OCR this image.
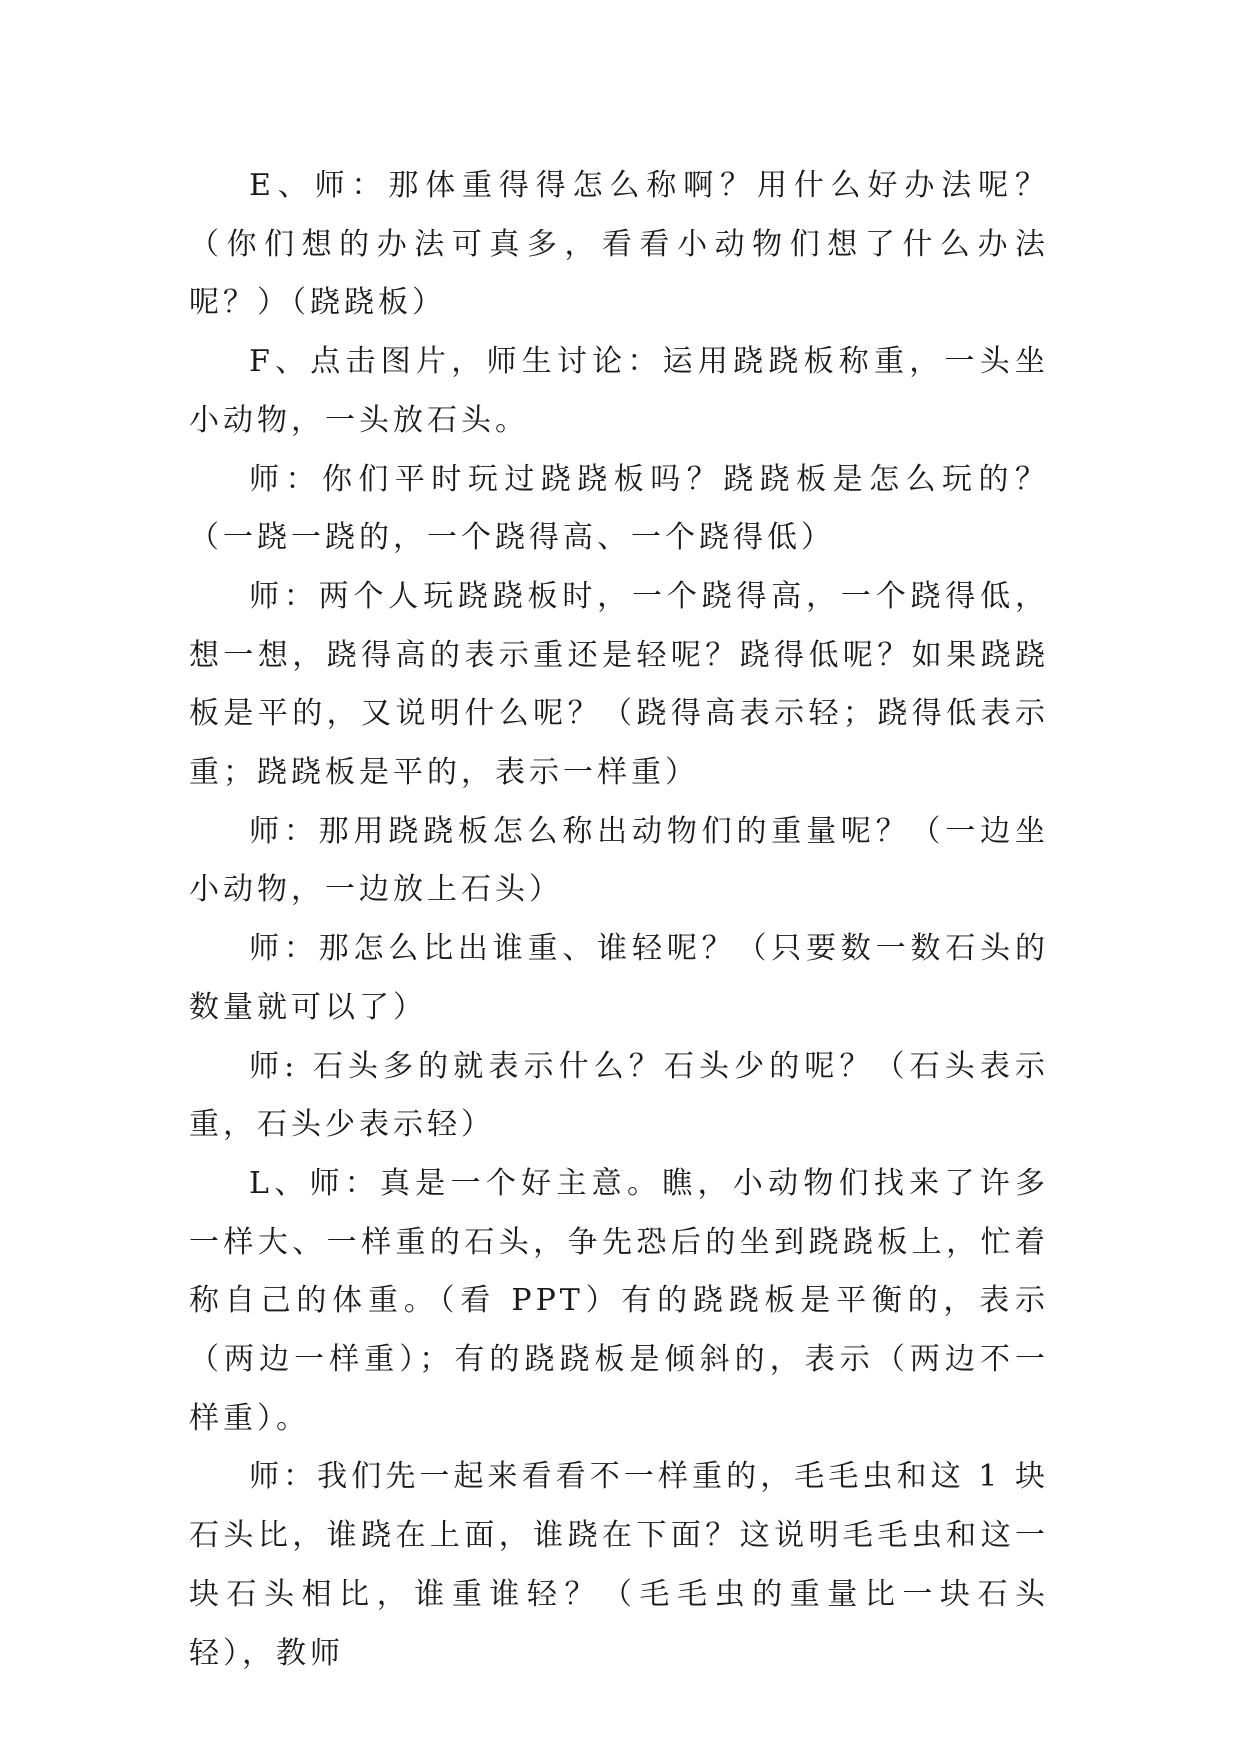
E、师：那体重得得怎么称啊？用什么好办法呢？（你们想的办法可真多，看看小动物们想了什么办法呢？）（跷跷板）

F、点击图片，师生讨论：运用跷跷板称重，一头坐小动物，一头放石头。

师：你们平时玩过跷跷板吗？跷跷板是怎么玩的？（一跷一跷的，一个跷得高、一个跷得低）

师：两个人玩跷跷板时，一个跷得高，一个跷得低，想一想，跷得高的表示重还是轻呢？跷得低呢？如果跷跷板是平的，又说明什么呢？（跷得高表示轻；跷得低表示重；跷跷板是平的，表示一样重）

师：那用跷跷板怎么称出动物们的重量呢？（一边坐小动物，一边放上石头）

师：那怎么比出谁重、谁轻呢？（只要数一数石头的数量就可以了）

师: 石头多的就表示什么？石头少的呢？（石头表示重，石头少表示轻）

L、师：真是一个好主意。瞧，小动物们找来了许多一样大、一样重的石头，争先恐后的坐到跷跷板上，忙着称自己的体重。（看 PPT）有的跷跷板是平衡的，表示（两边一样重）；有的跷跷板是倾斜的，表示（两边不一样重）。

师：我们先一起来看看不一样重的，毛毛虫和这 1 块石头比，谁跷在上面，谁跷在下面？这说明毛毛虫和这一块石头相比，谁重谁轻？（毛毛虫的重量比一块石头轻），教师
